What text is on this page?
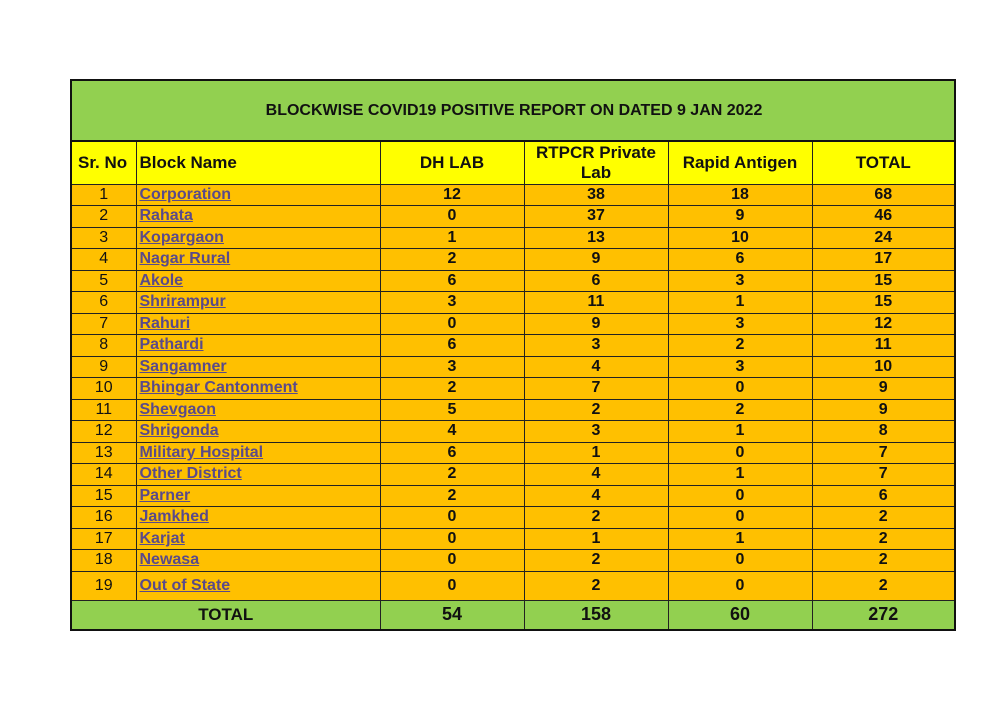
BLOCKWISE COVID19 POSITIVE REPORT ON DATED 9 JAN 2022
Sr. No	Block Name	DH LAB	RTPCR Private Lab	Rapid Antigen	TOTAL
1	Corporation	12	38	18	68
2	Rahata	0	37	9	46
3	Kopargaon	1	13	10	24
4	Nagar Rural	2	9	6	17
5	Akole	6	6	3	15
6	Shrirampur	3	11	1	15
7	Rahuri	0	9	3	12
8	Pathardi	6	3	2	11
9	Sangamner	3	4	3	10
10	Bhingar Cantonment	2	7	0	9
11	Shevgaon	5	2	2	9
12	Shrigonda	4	3	1	8
13	Military Hospital	6	1	0	7
14	Other District	2	4	1	7
15	Parner	2	4	0	6
16	Jamkhed	0	2	0	2
17	Karjat	0	1	1	2
18	Newasa	0	2	0	2
19	Out of State	0	2	0	2
TOTAL		54	158	60	272
